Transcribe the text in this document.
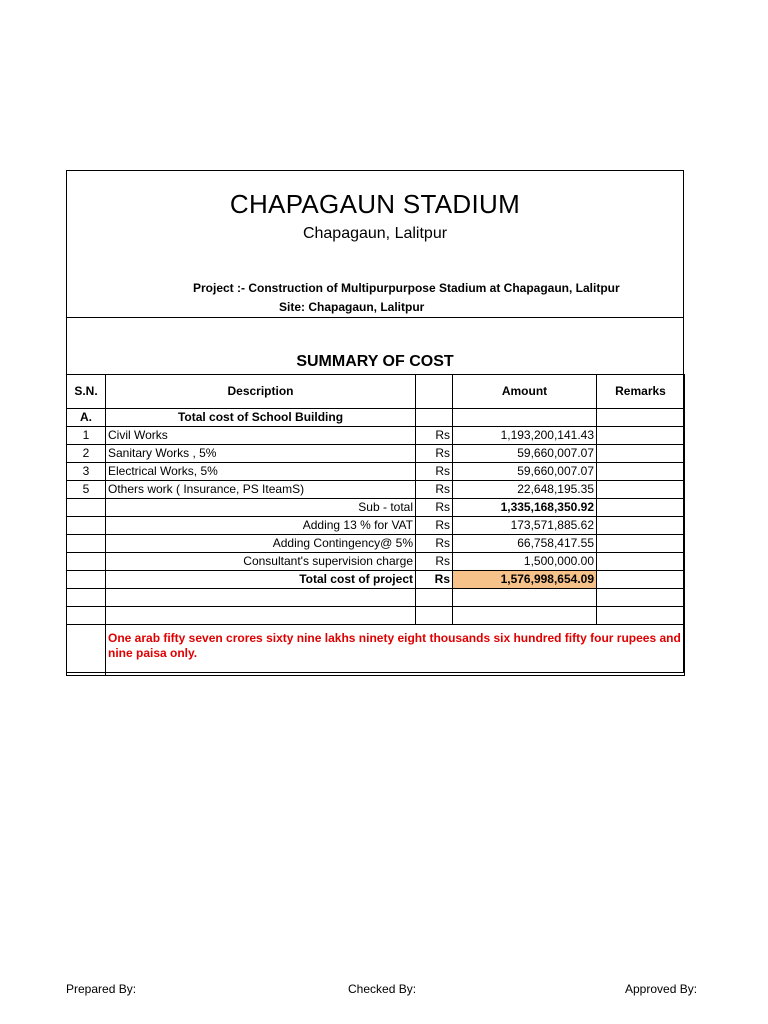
CHAPAGAUN STADIUM
Chapagaun, Lalitpur
Project :- Construction of Multipurpurpose Stadium at Chapagaun, Lalitpur
Site: Chapagaun, Lalitpur
SUMMARY OF COST
S.N.	Description		Amount	Remarks
A.	Total cost of School Building			
1	Civil Works	Rs	1,193,200,141.43	
2	Sanitary Works , 5%	Rs	59,660,007.07	
3	Electrical Works, 5%	Rs	59,660,007.07	
5	Others work ( Insurance, PS IteamS)	Rs	22,648,195.35	
	Sub - total	Rs	1,335,168,350.92	
	Adding 13 % for VAT	Rs	173,571,885.62	
	Adding Contingency@ 5%	Rs	66,758,417.55	
	Consultant's supervision charge	Rs	1,500,000.00	
	Total cost of project	Rs	1,576,998,654.09	

	One arab fifty seven crores sixty nine lakhs ninety eight thousands six hundred fifty four rupees and nine paisa only.			
Prepared By:	Checked By:	Approved By:
